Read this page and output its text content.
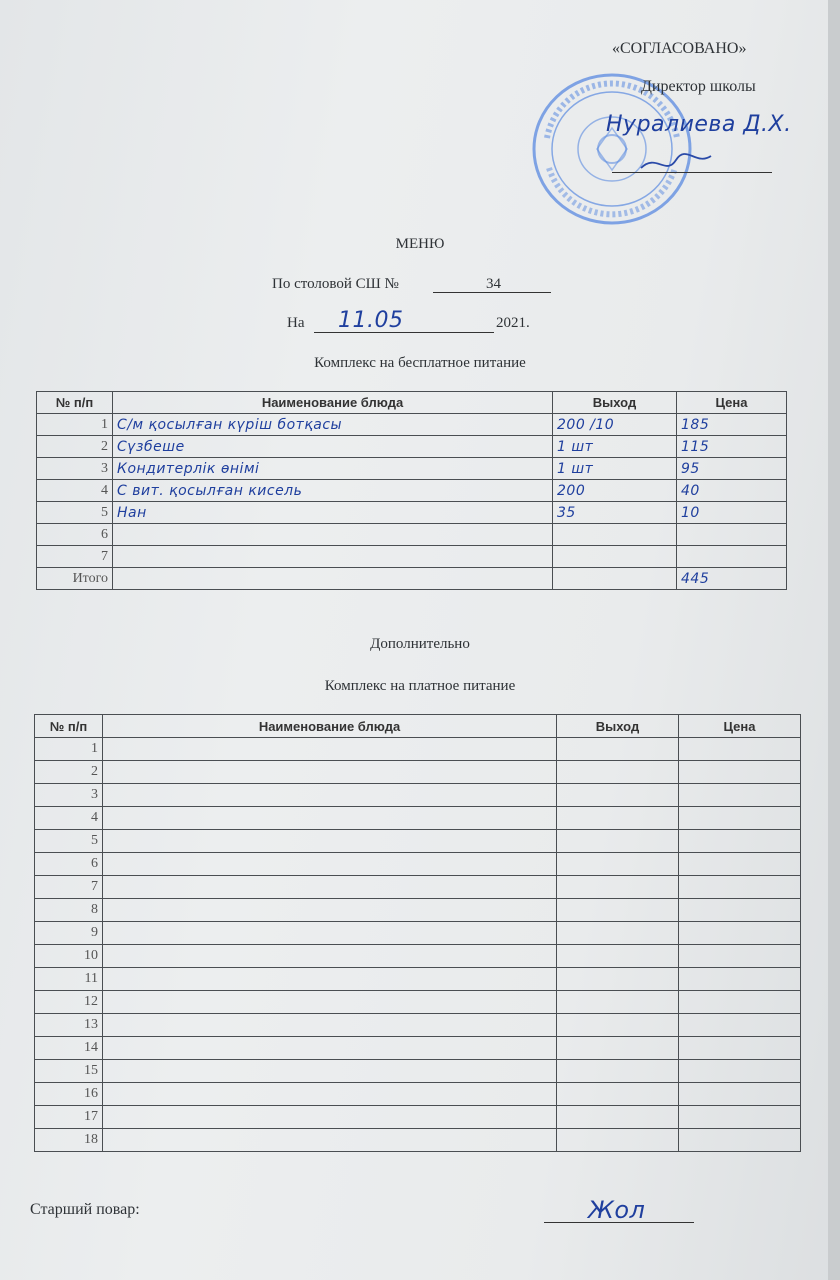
«СОГЛАСОВАНО»
Директор школы
Нуралиева Д.Х.
МЕНЮ
По столовой СШ №	34
На 11.05	2021.
Комплекс на бесплатное питание
№ п/п	Наименование блюда	Выход	Цена
1	С/м қосылған күріш ботқасы	200 /10	185
2	Сүзбеше	1 шт	115
3	Кондитерлік өнімі	1 шт	95
4	С вит. қосылған кисель	200	40
5	Нан	35	10
6			
7			
Итого			445
Дополнительно
Комплекс на платное питание
№ п/п	Наименование блюда	Выход	Цена
1			
2			
3			
4			
5			
6			
7			
8			
9			
10			
11			
12			
13			
14			
15			
16			
17			
18			
Старший повар:	Жол
